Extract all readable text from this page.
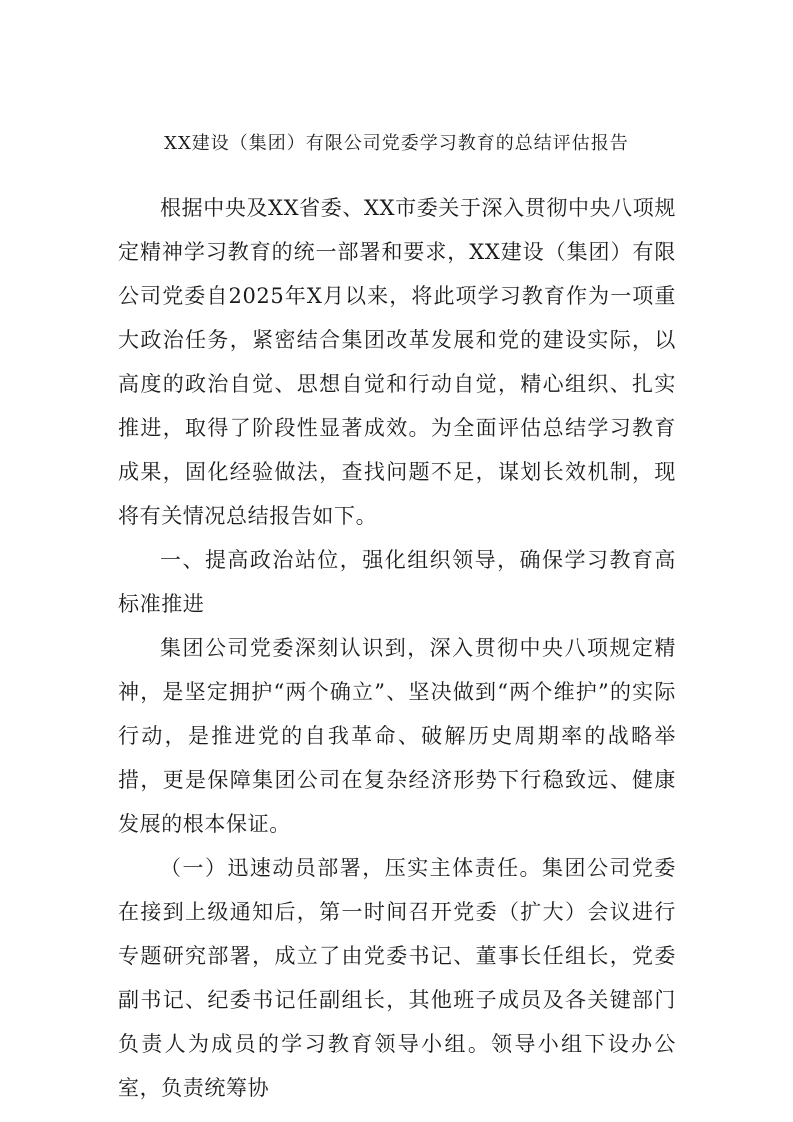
XX建设（集团）有限公司党委学习教育的总结评估报告

根据中央及XX省委、XX市委关于深入贯彻中央八项规定精神学习教育的统一部署和要求，XX建设（集团）有限公司党委自2025年X月以来，将此项学习教育作为一项重大政治任务，紧密结合集团改革发展和党的建设实际，以高度的政治自觉、思想自觉和行动自觉，精心组织、扎实推进，取得了阶段性显著成效。为全面评估总结学习教育成果，固化经验做法，查找问题不足，谋划长效机制，现将有关情况总结报告如下。

一、提高政治站位，强化组织领导，确保学习教育高标准推进

集团公司党委深刻认识到，深入贯彻中央八项规定精神，是坚定拥护“两个确立”、坚决做到“两个维护”的实际行动，是推进党的自我革命、破解历史周期率的战略举措，更是保障集团公司在复杂经济形势下行稳致远、健康发展的根本保证。

（一）迅速动员部署，压实主体责任。集团公司党委在接到上级通知后，第一时间召开党委（扩大）会议进行专题研究部署，成立了由党委书记、董事长任组长，党委副书记、纪委书记任副组长，其他班子成员及各关键部门负责人为成员的学习教育领导小组。领导小组下设办公室，负责统筹协
